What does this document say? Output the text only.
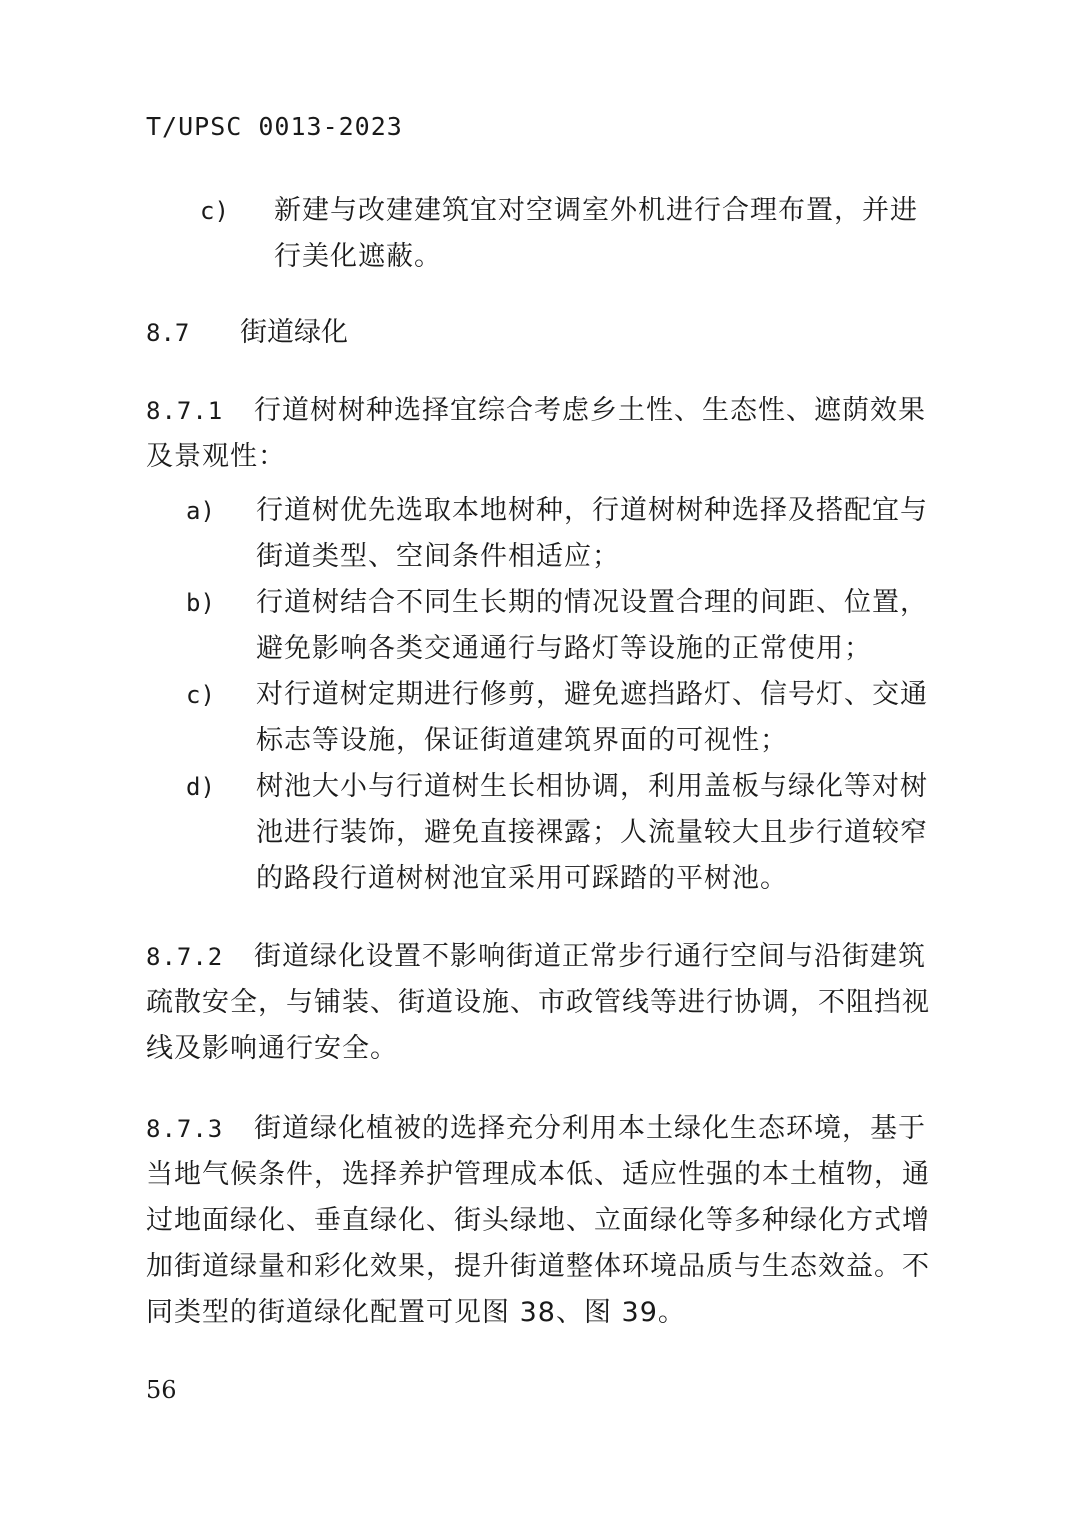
T/UPSC 0013-2023
c) 新建与改建建筑宜对空调室外机进行合理布置，并进行美化遮蔽。
8.7 街道绿化
8.7.1 行道树树种选择宜综合考虑乡土性、生态性、遮荫效果及景观性：
a) 行道树优先选取本地树种，行道树树种选择及搭配宜与街道类型、空间条件相适应；
b) 行道树结合不同生长期的情况设置合理的间距、位置，避免影响各类交通通行与路灯等设施的正常使用；
c) 对行道树定期进行修剪，避免遮挡路灯、信号灯、交通标志等设施，保证街道建筑界面的可视性；
d) 树池大小与行道树生长相协调，利用盖板与绿化等对树池进行装饰，避免直接裸露；人流量较大且步行道较窄的路段行道树树池宜采用可踩踏的平树池。
8.7.2 街道绿化设置不影响街道正常步行通行空间与沿街建筑疏散安全，与铺装、街道设施、市政管线等进行协调，不阻挡视线及影响通行安全。
8.7.3 街道绿化植被的选择充分利用本土绿化生态环境，基于当地气候条件，选择养护管理成本低、适应性强的本土植物，通过地面绿化、垂直绿化、街头绿地、立面绿化等多种绿化方式增加街道绿量和彩化效果，提升街道整体环境品质与生态效益。不同类型的街道绿化配置可见图 38、图 39。
56
